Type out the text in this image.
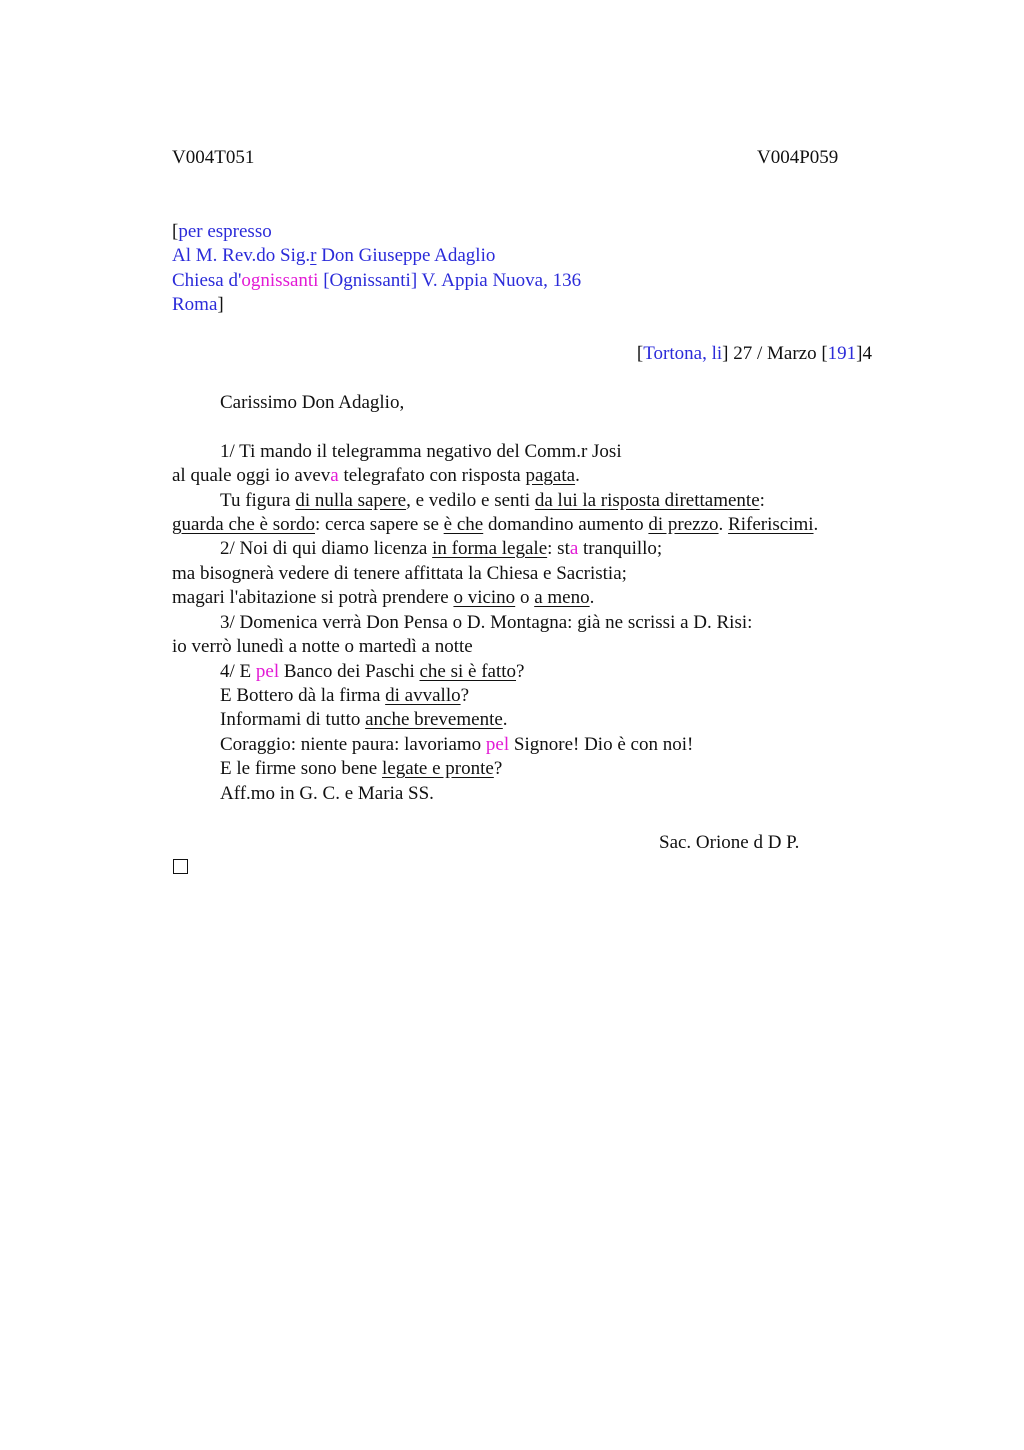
V004T051	V004P059
[per espresso
Al M. Rev.do Sig.r Don Giuseppe Adaglio
Chiesa d'ognissanti [Ognissanti] V. Appia Nuova, 136
Roma]
[Tortona, li] 27 / Marzo [191]4
Carissimo Don Adaglio,
1/ Ti mando il telegramma negativo del Comm.r Josi
al quale oggi io aveva telegrafato con risposta pagata.
Tu figura di nulla sapere, e vedilo e senti da lui la risposta direttamente:
guarda che è sordo: cerca sapere se è che domandino aumento di prezzo. Riferiscimi.
2/ Noi di qui diamo licenza in forma legale: sta tranquillo;
ma bisognerà vedere di tenere affittata la Chiesa e Sacristia;
magari l'abitazione si potrà prendere o vicino o a meno.
3/ Domenica verrà Don Pensa o D. Montagna: già ne scrissi a D. Risi:
io verrò lunedì a notte o martedì a notte
4/ E pel Banco dei Paschi che si è fatto?
E Bottero dà la firma di avvallo?
Informami di tutto anche brevemente.
Coraggio: niente paura: lavoriamo pel Signore! Dio è con noi!
E le firme sono bene legate e pronte?
Aff.mo in G. C. e Maria SS.
Sac. Orione d D P.
